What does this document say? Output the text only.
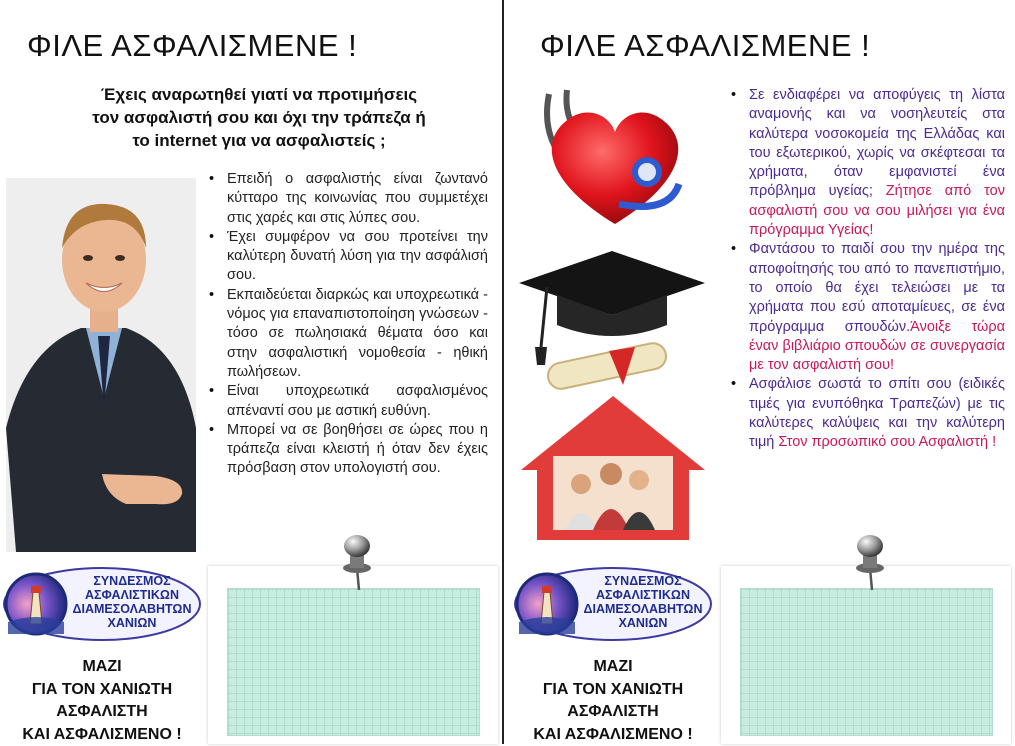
ΦΙΛΕ ΑΣΦΑΛΙΣΜΕΝΕ !
Έχεις αναρωτηθεί γιατί να προτιμήσεις
τον ασφαλιστή σου και όχι την τράπεζα ή
το internet για να ασφαλιστείς ;
• Επειδή ο ασφαλιστής είναι ζωντανό κύτταρο της κοινωνίας που συμμετέχει στις χαρές και στις λύπες σου.
• Έχει συμφέρον να σου προτείνει την καλύτερη δυνατή λύση για την ασφάλισή σου.
• Εκπαιδεύεται διαρκώς και υποχρεωτικά - νόμος για επαναπιστοποίηση γνώσεων - τόσο σε πωλησιακά θέματα όσο και στην ασφαλιστική νομοθεσία - ηθική πωλήσεων.
• Είναι υποχρεωτικά ασφαλισμένος απέναντί σου με αστική ευθύνη.
• Μπορεί να σε βοηθήσει σε ώρες που η τράπεζα είναι κλειστή ή όταν δεν έχεις πρόσβαση στον υπολογιστή σου.
ΣΥΝΔΕΣΜΟΣ
ΑΣΦΑΛΙΣΤΙΚΩΝ
ΔΙΑΜΕΣΟΛΑΒΗΤΩΝ
ΧΑΝΙΩΝ
ΜΑΖΙ
ΓΙΑ ΤΟΝ ΧΑΝΙΩΤΗ
ΑΣΦΑΛΙΣΤΗ
ΚΑΙ ΑΣΦΑΛΙΣΜΕΝΟ !
ΦΙΛΕ ΑΣΦΑΛΙΣΜΕΝΕ !
• Σε ενδιαφέρει να αποφύγεις τη λίστα αναμονής και να νοσηλευτείς στα καλύτερα νοσοκομεία της Ελλάδας και του εξωτερικού, χωρίς να σκέφτεσαι τα χρήματα, όταν εμφανιστεί ένα πρόβλημα υγείας; Ζήτησε από τον ασφαλιστή σου να σου μιλήσει για ένα πρόγραμμα Υγείας!
• Φαντάσου το παιδί σου την ημέρα της αποφοίτησής του από το πανεπιστήμιο, το οποίο θα έχει τελειώσει με τα χρήματα που εσύ αποταμίευες, σε ένα πρόγραμμα σπουδών.Άνοιξε τώρα έναν βιβλιάριο σπουδών σε συνεργασία με τον ασφαλιστή σου!
• Ασφάλισε σωστά το σπίτι σου (ειδικές τιμές για ενυπόθηκα Τραπεζών) με τις καλύτερες καλύψεις και την καλύτερη τιμή Στον προσωπικό σου Ασφαλιστή !
ΣΥΝΔΕΣΜΟΣ
ΑΣΦΑΛΙΣΤΙΚΩΝ
ΔΙΑΜΕΣΟΛΑΒΗΤΩΝ
ΧΑΝΙΩΝ
ΜΑΖΙ
ΓΙΑ ΤΟΝ ΧΑΝΙΩΤΗ
ΑΣΦΑΛΙΣΤΗ
ΚΑΙ ΑΣΦΑΛΙΣΜΕΝΟ !
